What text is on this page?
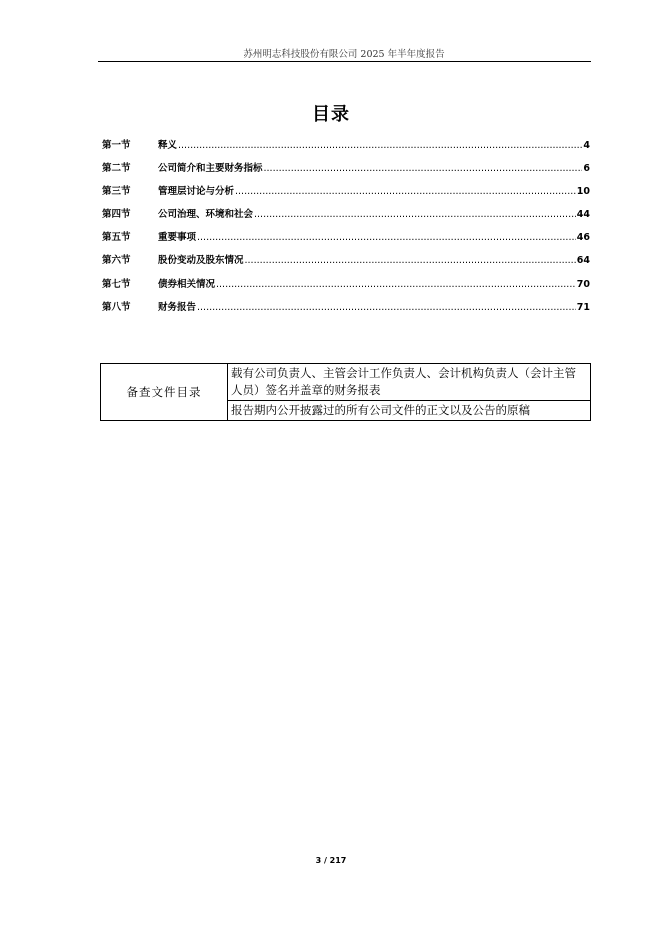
苏州明志科技股份有限公司 2025 年半年度报告
目录
第一节	释义 .....	4
第二节	公司简介和主要财务指标 .....	6
第三节	管理层讨论与分析 .....	10
第四节	公司治理、环境和社会 .....	44
第五节	重要事项 .....	46
第六节	股份变动及股东情况 .....	64
第七节	债券相关情况 .....	70
第八节	财务报告 .....	71
备查文件目录	载有公司负责人、主管会计工作负责人、会计机构负责人（会计主管人员）签名并盖章的财务报表
报告期内公开披露过的所有公司文件的正文以及公告的原稿
3 / 217
